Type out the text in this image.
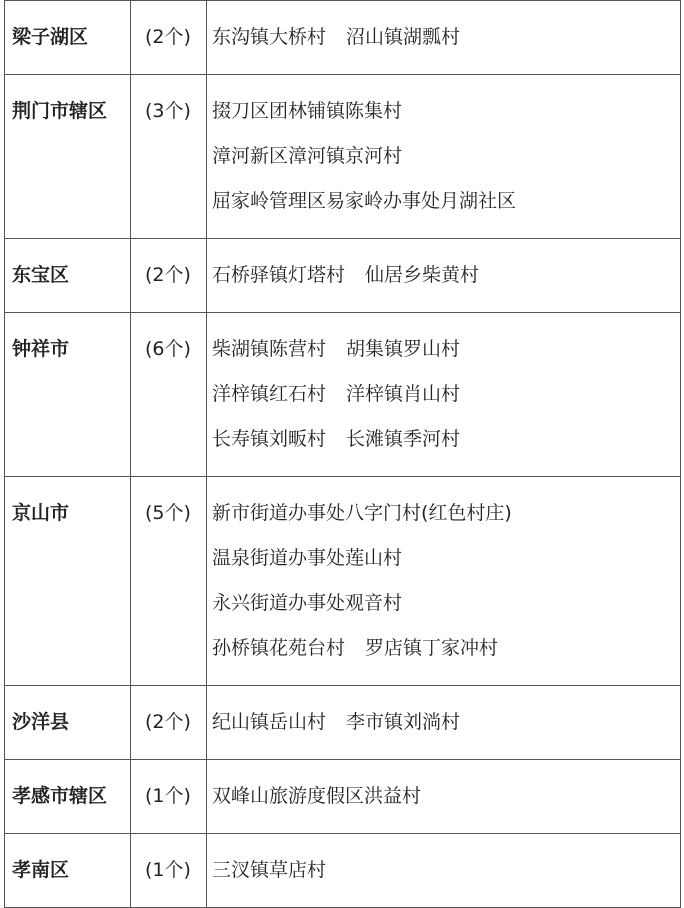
梁子湖区	(2个)	东沟镇大桥村 沼山镇湖瓢村

荆门市辖区	(3个)	掇刀区团林铺镇陈集村
漳河新区漳河镇京河村
屈家岭管理区易家岭办事处月湖社区

东宝区	(2个)	石桥驿镇灯塔村 仙居乡柴黄村

钟祥市	(6个)	柴湖镇陈营村 胡集镇罗山村
洋梓镇红石村 洋梓镇肖山村
长寿镇刘畈村 长滩镇季河村

京山市	(5个)	新市街道办事处八字门村(红色村庄)
温泉街道办事处莲山村
永兴街道办事处观音村
孙桥镇花苑台村 罗店镇丁家冲村

沙洋县	(2个)	纪山镇岳山村 李市镇刘淌村

孝感市辖区	(1个)	双峰山旅游度假区洪益村

孝南区	(1个)	三汊镇草店村
